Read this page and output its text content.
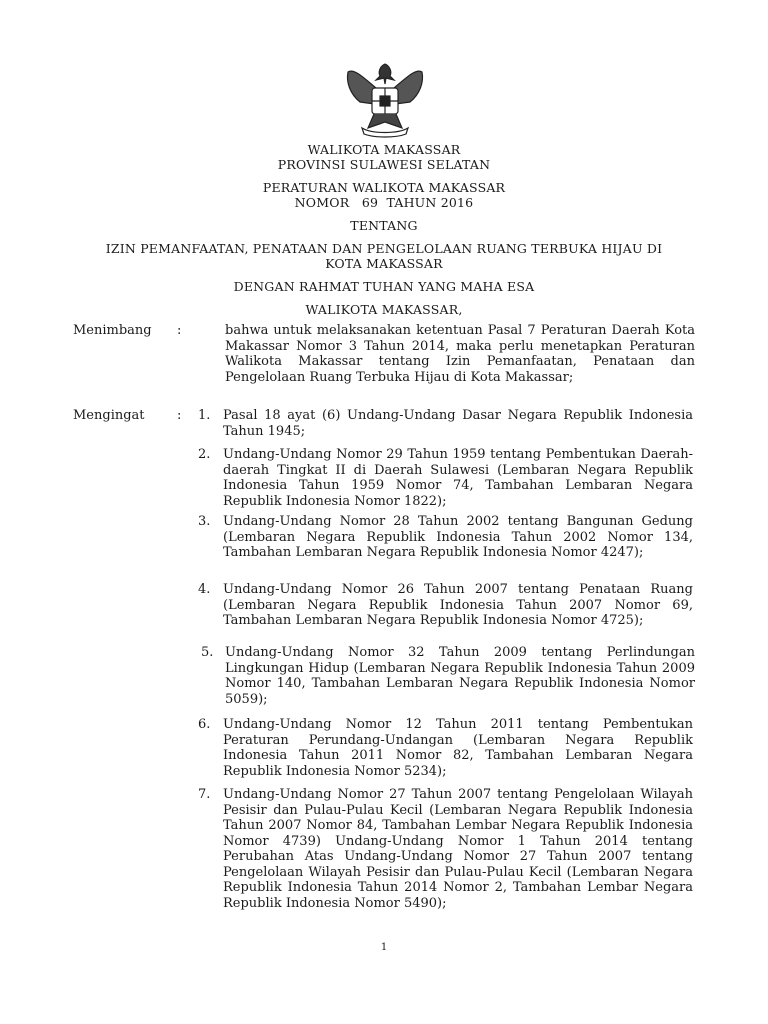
WALIKOTA MAKASSAR
PROVINSI SULAWESI SELATAN
PERATURAN WALIKOTA MAKASSAR
NOMOR   69  TAHUN 2016
TENTANG
IZIN PEMANFAATAN, PENATAAN DAN PENGELOLAAN RUANG TERBUKA HIJAU DI
KOTA MAKASSAR
DENGAN RAHMAT TUHAN YANG MAHA ESA
WALIKOTA MAKASSAR,
Menimbang :	bahwa untuk melaksanakan ketentuan Pasal 7 Peraturan Daerah Kota Makassar Nomor 3 Tahun 2014, maka perlu menetapkan Peraturan Walikota Makassar tentang Izin Pemanfaatan, Penataan dan Pengelolaan Ruang Terbuka Hijau di Kota Makassar;
Mengingat : 1. Pasal 18 ayat (6) Undang-Undang Dasar Negara Republik Indonesia Tahun 1945;
2. Undang-Undang Nomor 29 Tahun 1959 tentang Pembentukan Daerah-daerah Tingkat II di Daerah Sulawesi (Lembaran Negara Republik Indonesia Tahun 1959 Nomor 74, Tambahan Lembaran Negara Republik Indonesia Nomor 1822);
3. Undang-Undang Nomor 28 Tahun 2002 tentang Bangunan Gedung (Lembaran Negara Republik Indonesia Tahun 2002 Nomor 134, Tambahan Lembaran Negara Republik Indonesia Nomor 4247);
4. Undang-Undang Nomor 26 Tahun 2007 tentang Penataan Ruang (Lembaran Negara Republik Indonesia Tahun 2007 Nomor 69, Tambahan Lembaran Negara Republik Indonesia Nomor 4725);
5. Undang-Undang Nomor 32 Tahun 2009 tentang Perlindungan Lingkungan Hidup (Lembaran Negara Republik Indonesia Tahun 2009 Nomor 140, Tambahan Lembaran Negara Republik Indonesia Nomor 5059);
6. Undang-Undang Nomor 12 Tahun 2011 tentang Pembentukan Peraturan Perundang-Undangan (Lembaran Negara Republik Indonesia Tahun 2011 Nomor 82, Tambahan Lembaran Negara Republik Indonesia Nomor 5234);
7. Undang-Undang Nomor 27 Tahun 2007 tentang Pengelolaan Wilayah Pesisir dan Pulau-Pulau Kecil (Lembaran Negara Republik Indonesia Tahun 2007 Nomor 84, Tambahan Lembar Negara Republik Indonesia Nomor 4739) Undang-Undang Nomor 1 Tahun 2014 tentang Perubahan Atas Undang-Undang Nomor 27 Tahun 2007 tentang Pengelolaan Wilayah Pesisir dan Pulau-Pulau Kecil (Lembaran Negara Republik Indonesia Tahun 2014 Nomor 2, Tambahan Lembar Negara Republik Indonesia Nomor 5490);
1
